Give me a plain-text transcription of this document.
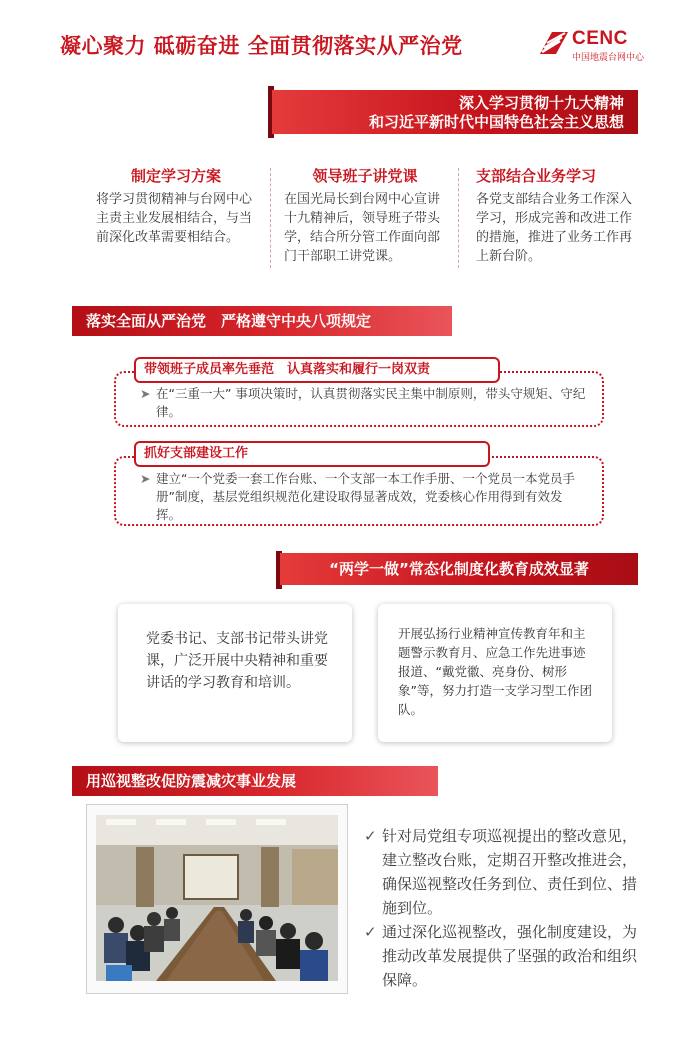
凝心聚力 砥砺奋进 全面贯彻落实从严治党	CENC
中国地震台网中心
深入学习贯彻十九大精神
和习近平新时代中国特色社会主义思想
制定学习方案
将学习贯彻精神与台网中心主责主业发展相结合，与当前深化改革需要相结合。
领导班子讲党课
在国光局长到台网中心宣讲十九精神后，领导班子带头学，结合所分管工作面向部门干部职工讲党课。
支部结合业务学习
各党支部结合业务工作深入学习，形成完善和改进工作的措施，推进了业务工作再上新台阶。
落实全面从严治党　严格遵守中央八项规定
带领班子成员率先垂范　认真落实和履行一岗双责
➤ 在“三重一大” 事项决策时，认真贯彻落实民主集中制原则，带头守规矩、守纪律。
抓好支部建设工作
➤ 建立“一个党委一套工作台账、一个支部一本工作手册、一个党员一本党员手册”制度，基层党组织规范化建设取得显著成效，党委核心作用得到有效发挥。
“两学一做”常态化制度化教育成效显著
党委书记、支部书记带头讲党课，广泛开展中央精神和重要讲话的学习教育和培训。
开展弘扬行业精神宣传教育年和主题警示教育月、应急工作先进事迹报道、“戴党徽、亮身份、树形象”等，努力打造一支学习型工作团队。
用巡视整改促防震减灾事业发展
✓ 针对局党组专项巡视提出的整改意见，建立整改台账，定期召开整改推进会，确保巡视整改任务到位、责任到位、措施到位。
✓ 通过深化巡视整改，强化制度建设，为推动改革发展提供了坚强的政治和组织保障。
